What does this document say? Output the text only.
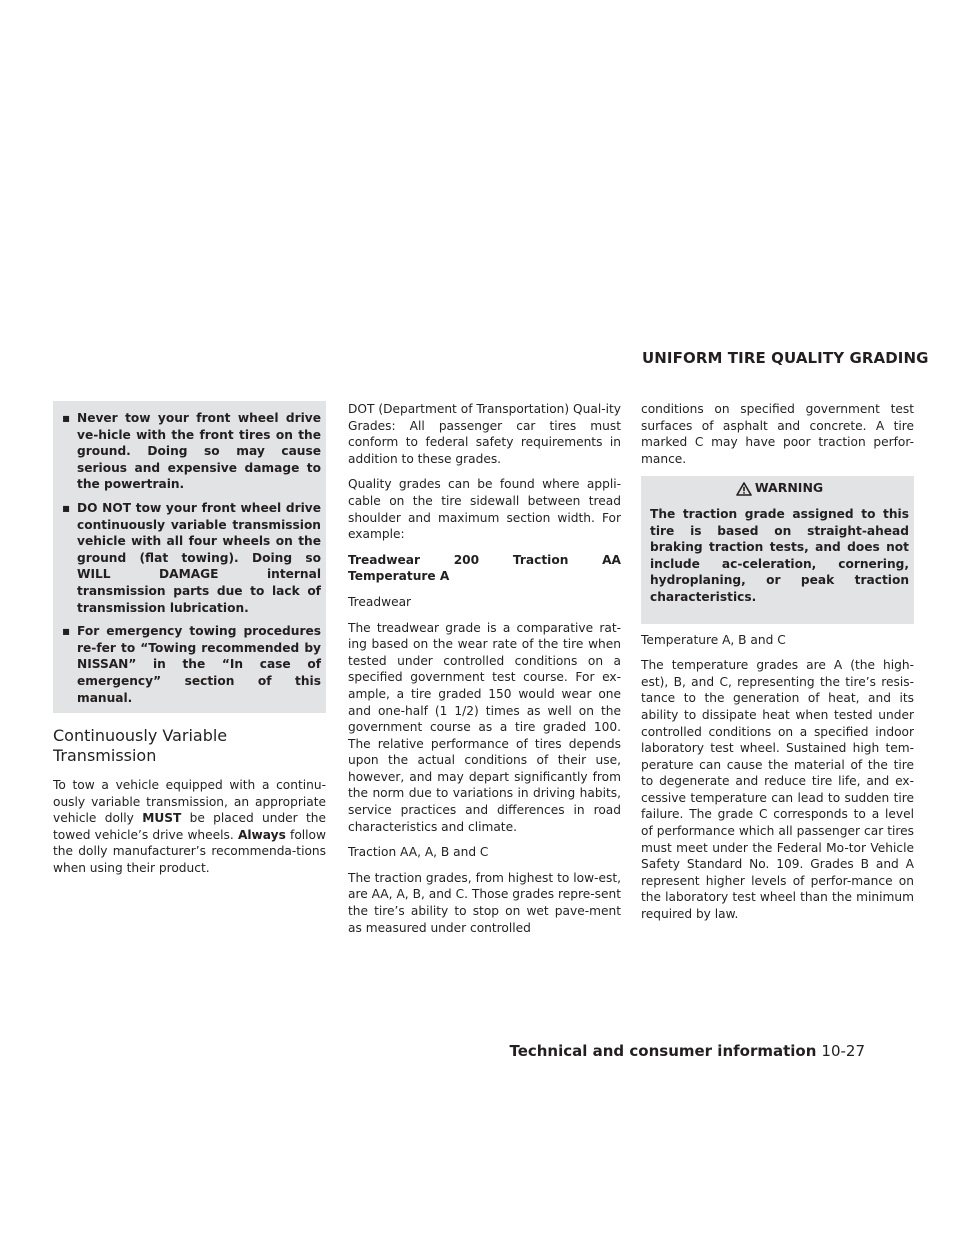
UNIFORM TIRE QUALITY GRADING
▪ Never tow your front wheel drive ve-hicle with the front tires on the ground. Doing so may cause serious and expensive damage to the powertrain.
▪ DO NOT tow your front wheel drive continuously variable transmission vehicle with all four wheels on the ground (flat towing). Doing so WILL DAMAGE internal transmission parts due to lack of transmission lubrication.
▪ For emergency towing procedures re-fer to “Towing recommended by NISSAN” in the “In case of emergency” section of this manual.
Continuously Variable Transmission

To tow a vehicle equipped with a continu-ously variable transmission, an appropriate vehicle dolly MUST be placed under the towed vehicle’s drive wheels. Always follow the dolly manufacturer’s recommenda-tions when using their product.

DOT (Department of Transportation) Qual-ity Grades: All passenger car tires must conform to federal safety requirements in addition to these grades.

Quality grades can be found where appli-cable on the tire sidewall between tread shoulder and maximum section width. For example:

Treadwear 200 Traction AA Temperature A

Treadwear

The treadwear grade is a comparative rat-ing based on the wear rate of the tire when tested under controlled conditions on a specified government test course. For ex-ample, a tire graded 150 would wear one and one-half (1 1/2) times as well on the government course as a tire graded 100. The relative performance of tires depends upon the actual conditions of their use, however, and may depart significantly from the norm due to variations in driving habits, service practices and differences in road characteristics and climate.

Traction AA, A, B and C

The traction grades, from highest to low-est, are AA, A, B, and C. Those grades repre-sent the tire’s ability to stop on wet pave-ment as measured under controlled

conditions on specified government test surfaces of asphalt and concrete. A tire marked C may have poor traction perfor-mance.

WARNING

The traction grade assigned to this tire is based on straight-ahead braking traction tests, and does not include ac-celeration, cornering, hydroplaning, or peak traction characteristics.

Temperature A, B and C

The temperature grades are A (the high-est), B, and C, representing the tire’s resis-tance to the generation of heat, and its ability to dissipate heat when tested under controlled conditions on a specified indoor laboratory test wheel. Sustained high tem-perature can cause the material of the tire to degenerate and reduce tire life, and ex-cessive temperature can lead to sudden tire failure. The grade C corresponds to a level of performance which all passenger car tires must meet under the Federal Mo-tor Vehicle Safety Standard No. 109. Grades B and A represent higher levels of perfor-mance on the laboratory test wheel than the minimum required by law.

Technical and consumer information 10-27
